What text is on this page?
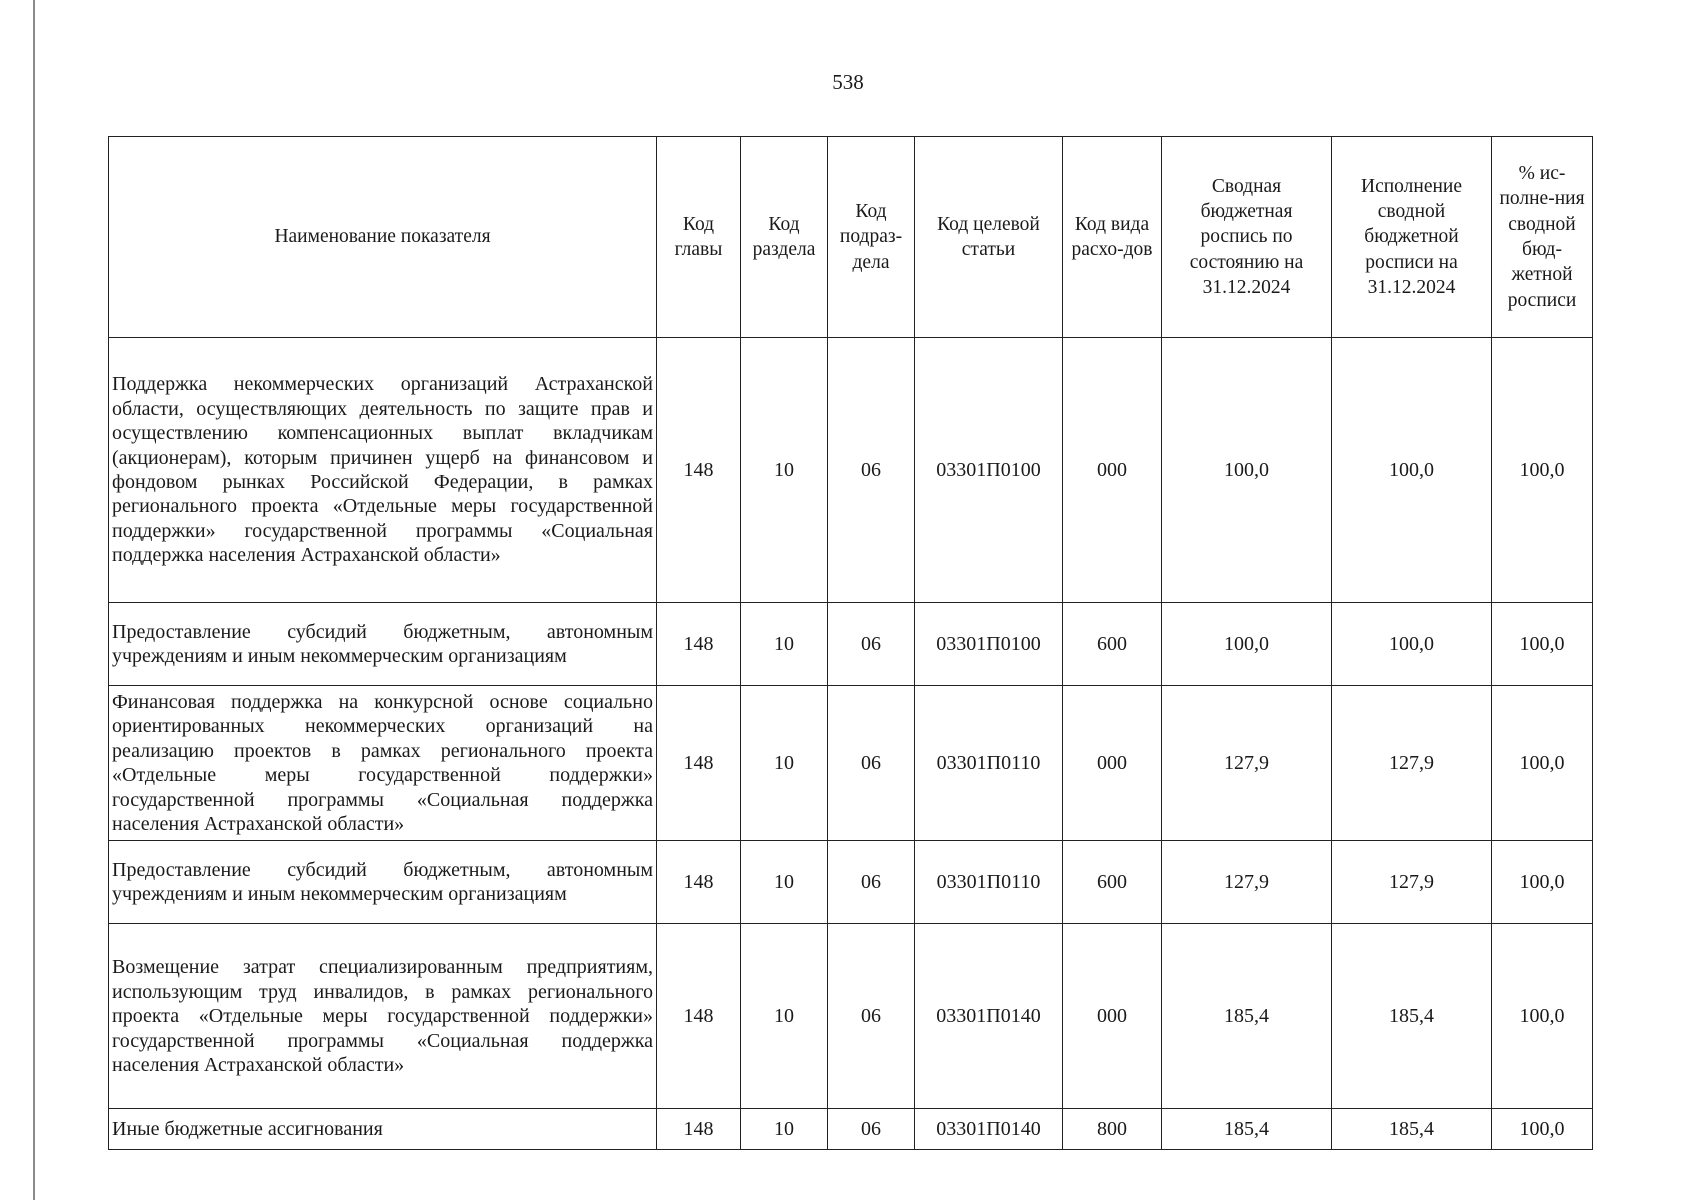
538
Наименование показателя	Код главы	Код раздела	Код подраз-дела	Код целевой статьи	Код вида расхо-дов	Сводная бюджетная роспись по состоянию на 31.12.2024	Исполнение сводной бюджетной росписи на 31.12.2024	% ис-полне-ния сводной бюд-жетной росписи
Поддержка некоммерческих организаций Астраханской области, осуществляющих деятельность по защите прав и осуществлению компенсационных выплат вкладчикам (акционерам), которым причинен ущерб на финансовом и фондовом рынках Российской Федерации, в рамках регионального проекта «Отдельные меры государственной поддержки» государственной программы «Социальная поддержка населения Астраханской области»	148	10	06	03301П0100	000	100,0	100,0	100,0
Предоставление субсидий бюджетным, автономным учреждениям и иным некоммерческим организациям	148	10	06	03301П0100	600	100,0	100,0	100,0
Финансовая поддержка на конкурсной основе социально ориентированных некоммерческих организаций на реализацию проектов в рамках регионального проекта «Отдельные меры государственной поддержки» государственной программы «Социальная поддержка населения Астраханской области»	148	10	06	03301П0110	000	127,9	127,9	100,0
Предоставление субсидий бюджетным, автономным учреждениям и иным некоммерческим организациям	148	10	06	03301П0110	600	127,9	127,9	100,0
Возмещение затрат специализированным предприятиям, использующим труд инвалидов, в рамках регионального проекта «Отдельные меры государственной поддержки» государственной программы «Социальная поддержка населения Астраханской области»	148	10	06	03301П0140	000	185,4	185,4	100,0
Иные бюджетные ассигнования	148	10	06	03301П0140	800	185,4	185,4	100,0
